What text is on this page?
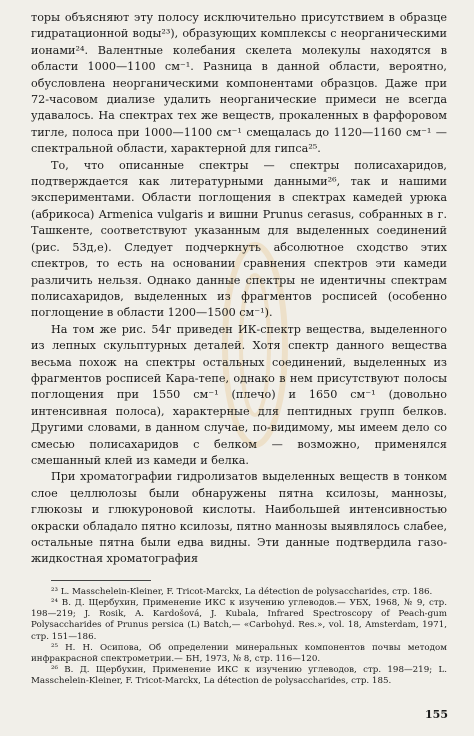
торы объясняют эту полосу исключительно присутствием в образце гидратационной воды²³), образующих комплексы с неорганическими ионами²⁴. Валентные колебания скелета молекулы находятся в области 1000—1100 см⁻¹. Разница в данной области, вероятно, обусловлена неорганическими компонентами образцов. Даже при 72-часовом диализе удалить неорганические примеси не всегда удавалось. На спектрах тех же веществ, прокаленных в фарфоровом тигле, полоса при 1000—1100 см⁻¹ смещалась до 1120—1160 см⁻¹ — спектральной области, характерной для гипса²⁵.

То, что описанные спектры — спектры полисахаридов, подтверждается как литературными данными²⁶, так и нашими экспериментами. Области поглощения в спектрах камедей урюка (абрикоса) Armenica vulgaris и вишни Prunus cerasus, собранных в г. Ташкенте, соответствуют указанным для выделенных соединений (рис. 53д,е). Следует подчеркнуть абсолютное сходство этих спектров, то есть на основании сравнения спектров эти камеди различить нельзя. Однако данные спектры не идентичны спектрам полисахаридов, выделенных из фрагментов росписей (особенно поглощение в области 1200—1500 см⁻¹).

На том же рис. 54г приведен ИК-спектр вещества, выделенного из лепных скульптурных деталей. Хотя спектр данного вещества весьма похож на спектры остальных соединений, выделенных из фрагментов росписей Кара-тепе, однако в нем присутствуют полосы поглощения при 1550 см⁻¹ (плечо) и 1650 см⁻¹ (довольно интенсивная полоса), характерные для пептидных групп белков. Другими словами, в данном случае, по-видимому, мы имеем дело со смесью полисахаридов с белком — возможно, применялся смешанный клей из камеди и белка.

При хроматографии гидролизатов выделенных веществ в тонком слое целлюлозы были обнаружены пятна ксилозы, маннозы, глюкозы и глюкуроновой кислоты. Наибольшей интенсивностью окраски обладало пятно ксилозы, пятно маннозы выявлялось слабее, остальные пятна были едва видны. Эти данные подтвердила газо-жидкостная хроматография

²³ L. Masschelein-Kleiner, F. Tricot-Marckx, La détection de polysaccharides, стр. 186.

²⁴ В. Д. Щербухин, Применение ИКС к изучению углеводов.— УБХ, 1968, № 9, стр. 198—219; J. Rosik, A. Kardošová, J. Kubala, Infrared Spectroscopy of Peach-gum Polysaccharides of Prunus persica (L) Batch,— «Carbohyd. Res.», vol. 18, Amsterdam, 1971, стр. 151—186.

²⁵ Н. Н. Осипова, Об определении минеральных компонентов почвы методом инфракрасной спектрометрии.— БН, 1973, № 8, стр. 116—120.

²⁶ В. Д. Щербухин, Применение ИКС к изучению углеводов, стр. 198—219; L. Masschelein-Kleiner, F. Tricot-Marckx, La détection de polysaccharides, стр. 185.

155
